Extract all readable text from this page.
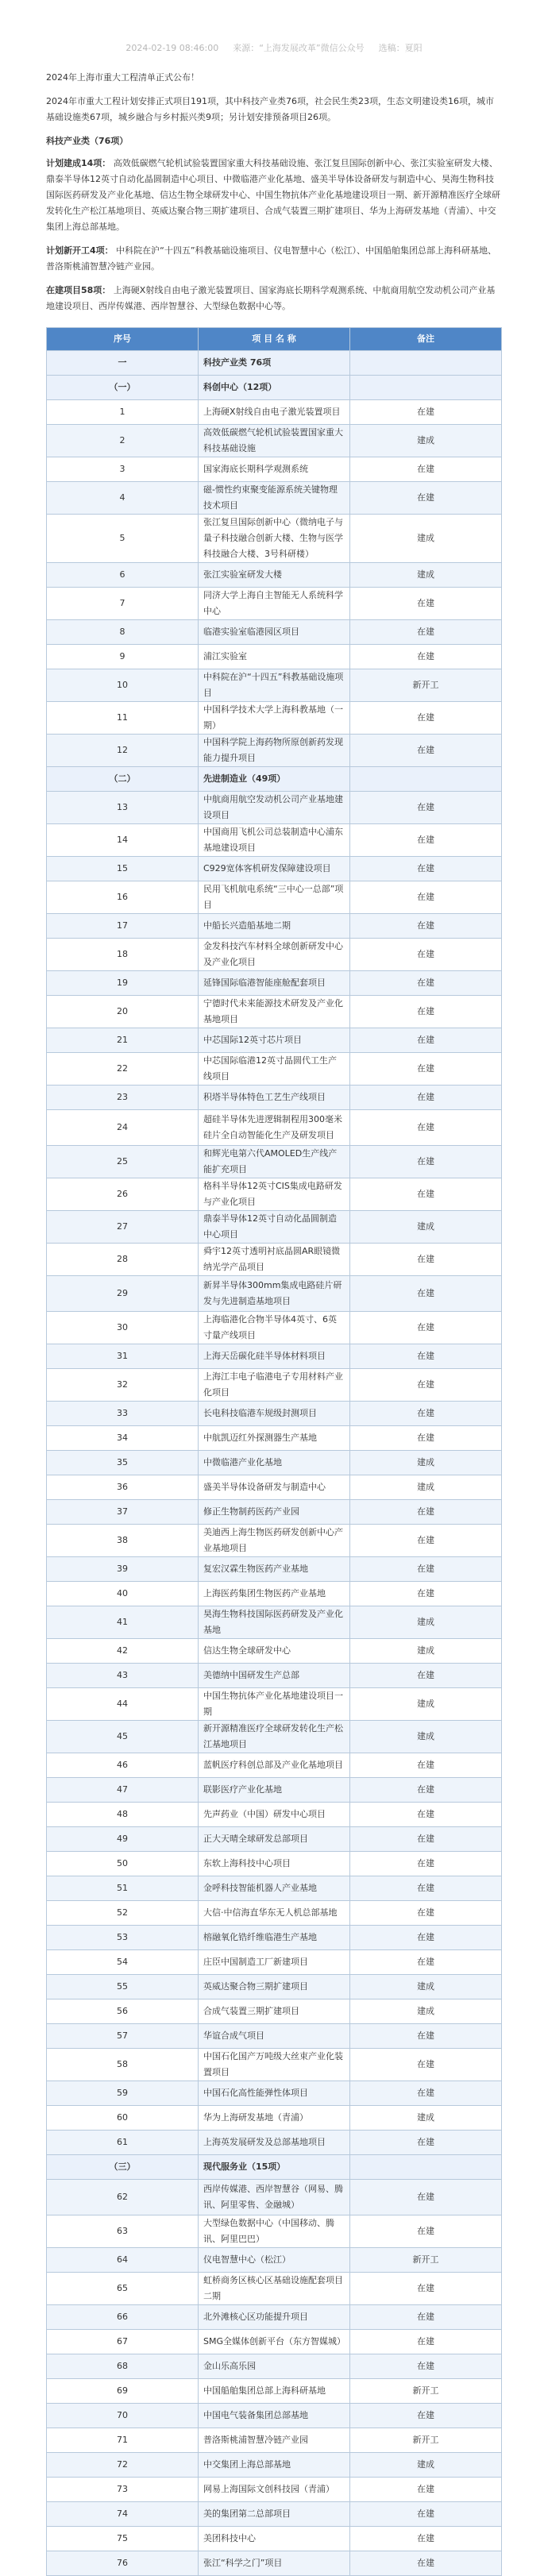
2024-02-19 08:46:00 来源：“上海发展改革”微信公众号 选稿：夏阳
2024年上海市重大工程清单正式公布！
2024年市重大工程计划安排正式项目191项，其中科技产业类76项，社会民生类23项，生态文明建设类16项，城市基础设施类67项，城乡融合与乡村振兴类9项；另计划安排预备项目26项。
科技产业类（76项）
计划建成14项： 高效低碳燃气轮机试验装置国家重大科技基础设施、张江复旦国际创新中心、张江实验室研发大楼、鼎泰半导体12英寸自动化晶圆制造中心项目、中微临港产业化基地、盛美半导体设备研发与制造中心、昊海生物科技国际医药研发及产业化基地、信达生物全球研发中心、中国生物抗体产业化基地建设项目一期、新开源精准医疗全球研发转化生产松江基地项目、英威达聚合物三期扩建项目、合成气装置三期扩建项目、华为上海研发基地（青浦）、中交集团上海总部基地。
计划新开工4项： 中科院在沪“十四五”科教基础设施项目、仪电智慧中心（松江）、中国船舶集团总部上海科研基地、普洛斯桃浦智慧冷链产业园。
在建项目58项： 上海硬X射线自由电子激光装置项目、国家海底长期科学观测系统、中航商用航空发动机公司产业基地建设项目、西岸传媒港、西岸智慧谷、大型绿色数据中心等。
序号	项 目 名 称	备注
一	科技产业类 76项	
（一）	科创中心（12项）	
1	上海硬X射线自由电子激光装置项目	在建
2	高效低碳燃气轮机试验装置国家重大科技基础设施	建成
3	国家海底长期科学观测系统	在建
4	磁-惯性约束聚变能源系统关键物理技术项目	在建
5	张江复旦国际创新中心（微纳电子与量子科技融合创新大楼、生物与医学科技融合大楼、3号科研楼）	建成
6	张江实验室研发大楼	建成
7	同济大学上海自主智能无人系统科学中心	在建
8	临港实验室临港园区项目	在建
9	浦江实验室	在建
10	中科院在沪“十四五”科教基础设施项目	新开工
11	中国科学技术大学上海科教基地（一期）	在建
12	中国科学院上海药物所原创新药发现能力提升项目	在建
（二）	先进制造业（49项）	
13	中航商用航空发动机公司产业基地建设项目	在建
14	中国商用飞机公司总装制造中心浦东基地建设项目	在建
15	C929宽体客机研发保障建设项目	在建
16	民用飞机航电系统“三中心一总部”项目	在建
17	中船长兴造船基地二期	在建
18	金发科技汽车材料全球创新研发中心及产业化项目	在建
19	延锋国际临港智能座舱配套项目	在建
20	宁德时代未来能源技术研发及产业化基地项目	在建
21	中芯国际12英寸芯片项目	在建
22	中芯国际临港12英寸晶圆代工生产线项目	在建
23	积塔半导体特色工艺生产线项目	在建
24	超硅半导体先进逻辑制程用300毫米硅片全自动智能化生产及研发项目	在建
25	和辉光电第六代AMOLED生产线产能扩充项目	在建
26	格科半导体12英寸CIS集成电路研发与产业化项目	在建
27	鼎泰半导体12英寸自动化晶圆制造中心项目	建成
28	舜宇12英寸透明衬底晶圆AR眼镜微纳光学产品项目	在建
29	新昇半导体300mm集成电路硅片研发与先进制造基地项目	在建
30	上海临港化合物半导体4英寸、6英寸量产线项目	在建
31	上海天岳碳化硅半导体材料项目	在建
32	上海江丰电子临港电子专用材料产业化项目	在建
33	长电科技临港车规级封测项目	在建
34	中航凯迈红外探测器生产基地	在建
35	中微临港产业化基地	建成
36	盛美半导体设备研发与制造中心	建成
37	修正生物制药医药产业园	在建
38	美迪西上海生物医药研发创新中心产业基地项目	在建
39	复宏汉霖生物医药产业基地	在建
40	上海医药集团生物医药产业基地	在建
41	昊海生物科技国际医药研发及产业化基地	建成
42	信达生物全球研发中心	建成
43	美德纳中国研发生产总部	在建
44	中国生物抗体产业化基地建设项目一期	建成
45	新开源精准医疗全球研发转化生产松江基地项目	建成
46	蓝帆医疗科创总部及产业化基地项目	在建
47	联影医疗产业化基地	在建
48	先声药业（中国）研发中心项目	在建
49	正大天晴全球研发总部项目	在建
50	东软上海科技中心项目	在建
51	金呼科技智能机器人产业基地	在建
52	大信·中信海直华东无人机总部基地	在建
53	榕融氧化锆纤维临港生产基地	在建
54	庄臣中国制造工厂新建项目	在建
55	英威达聚合物三期扩建项目	建成
56	合成气装置三期扩建项目	建成
57	华谊合成气项目	在建
58	中国石化国产万吨级大丝束产业化装置项目	在建
59	中国石化高性能弹性体项目	在建
60	华为上海研发基地（青浦）	建成
61	上海英发展研发及总部基地项目	在建
（三）	现代服务业（15项）	
62	西岸传媒港、西岸智慧谷（网易、腾讯、阿里零售、金融城）	在建
63	大型绿色数据中心（中国移动、腾讯、阿里巴巴）	在建
64	仪电智慧中心（松江）	新开工
65	虹桥商务区核心区基础设施配套项目二期	在建
66	北外滩核心区功能提升项目	在建
67	SMG全媒体创新平台（东方智媒城）	在建
68	金山乐高乐园	在建
69	中国船舶集团总部上海科研基地	新开工
70	中国电气装备集团总部基地	在建
71	普洛斯桃浦智慧冷链产业园	新开工
72	中交集团上海总部基地	建成
73	网易上海国际文创科技园（青浦）	在建
74	美的集团第二总部项目	在建
75	美团科技中心	在建
76	张江“科学之门”项目	在建
